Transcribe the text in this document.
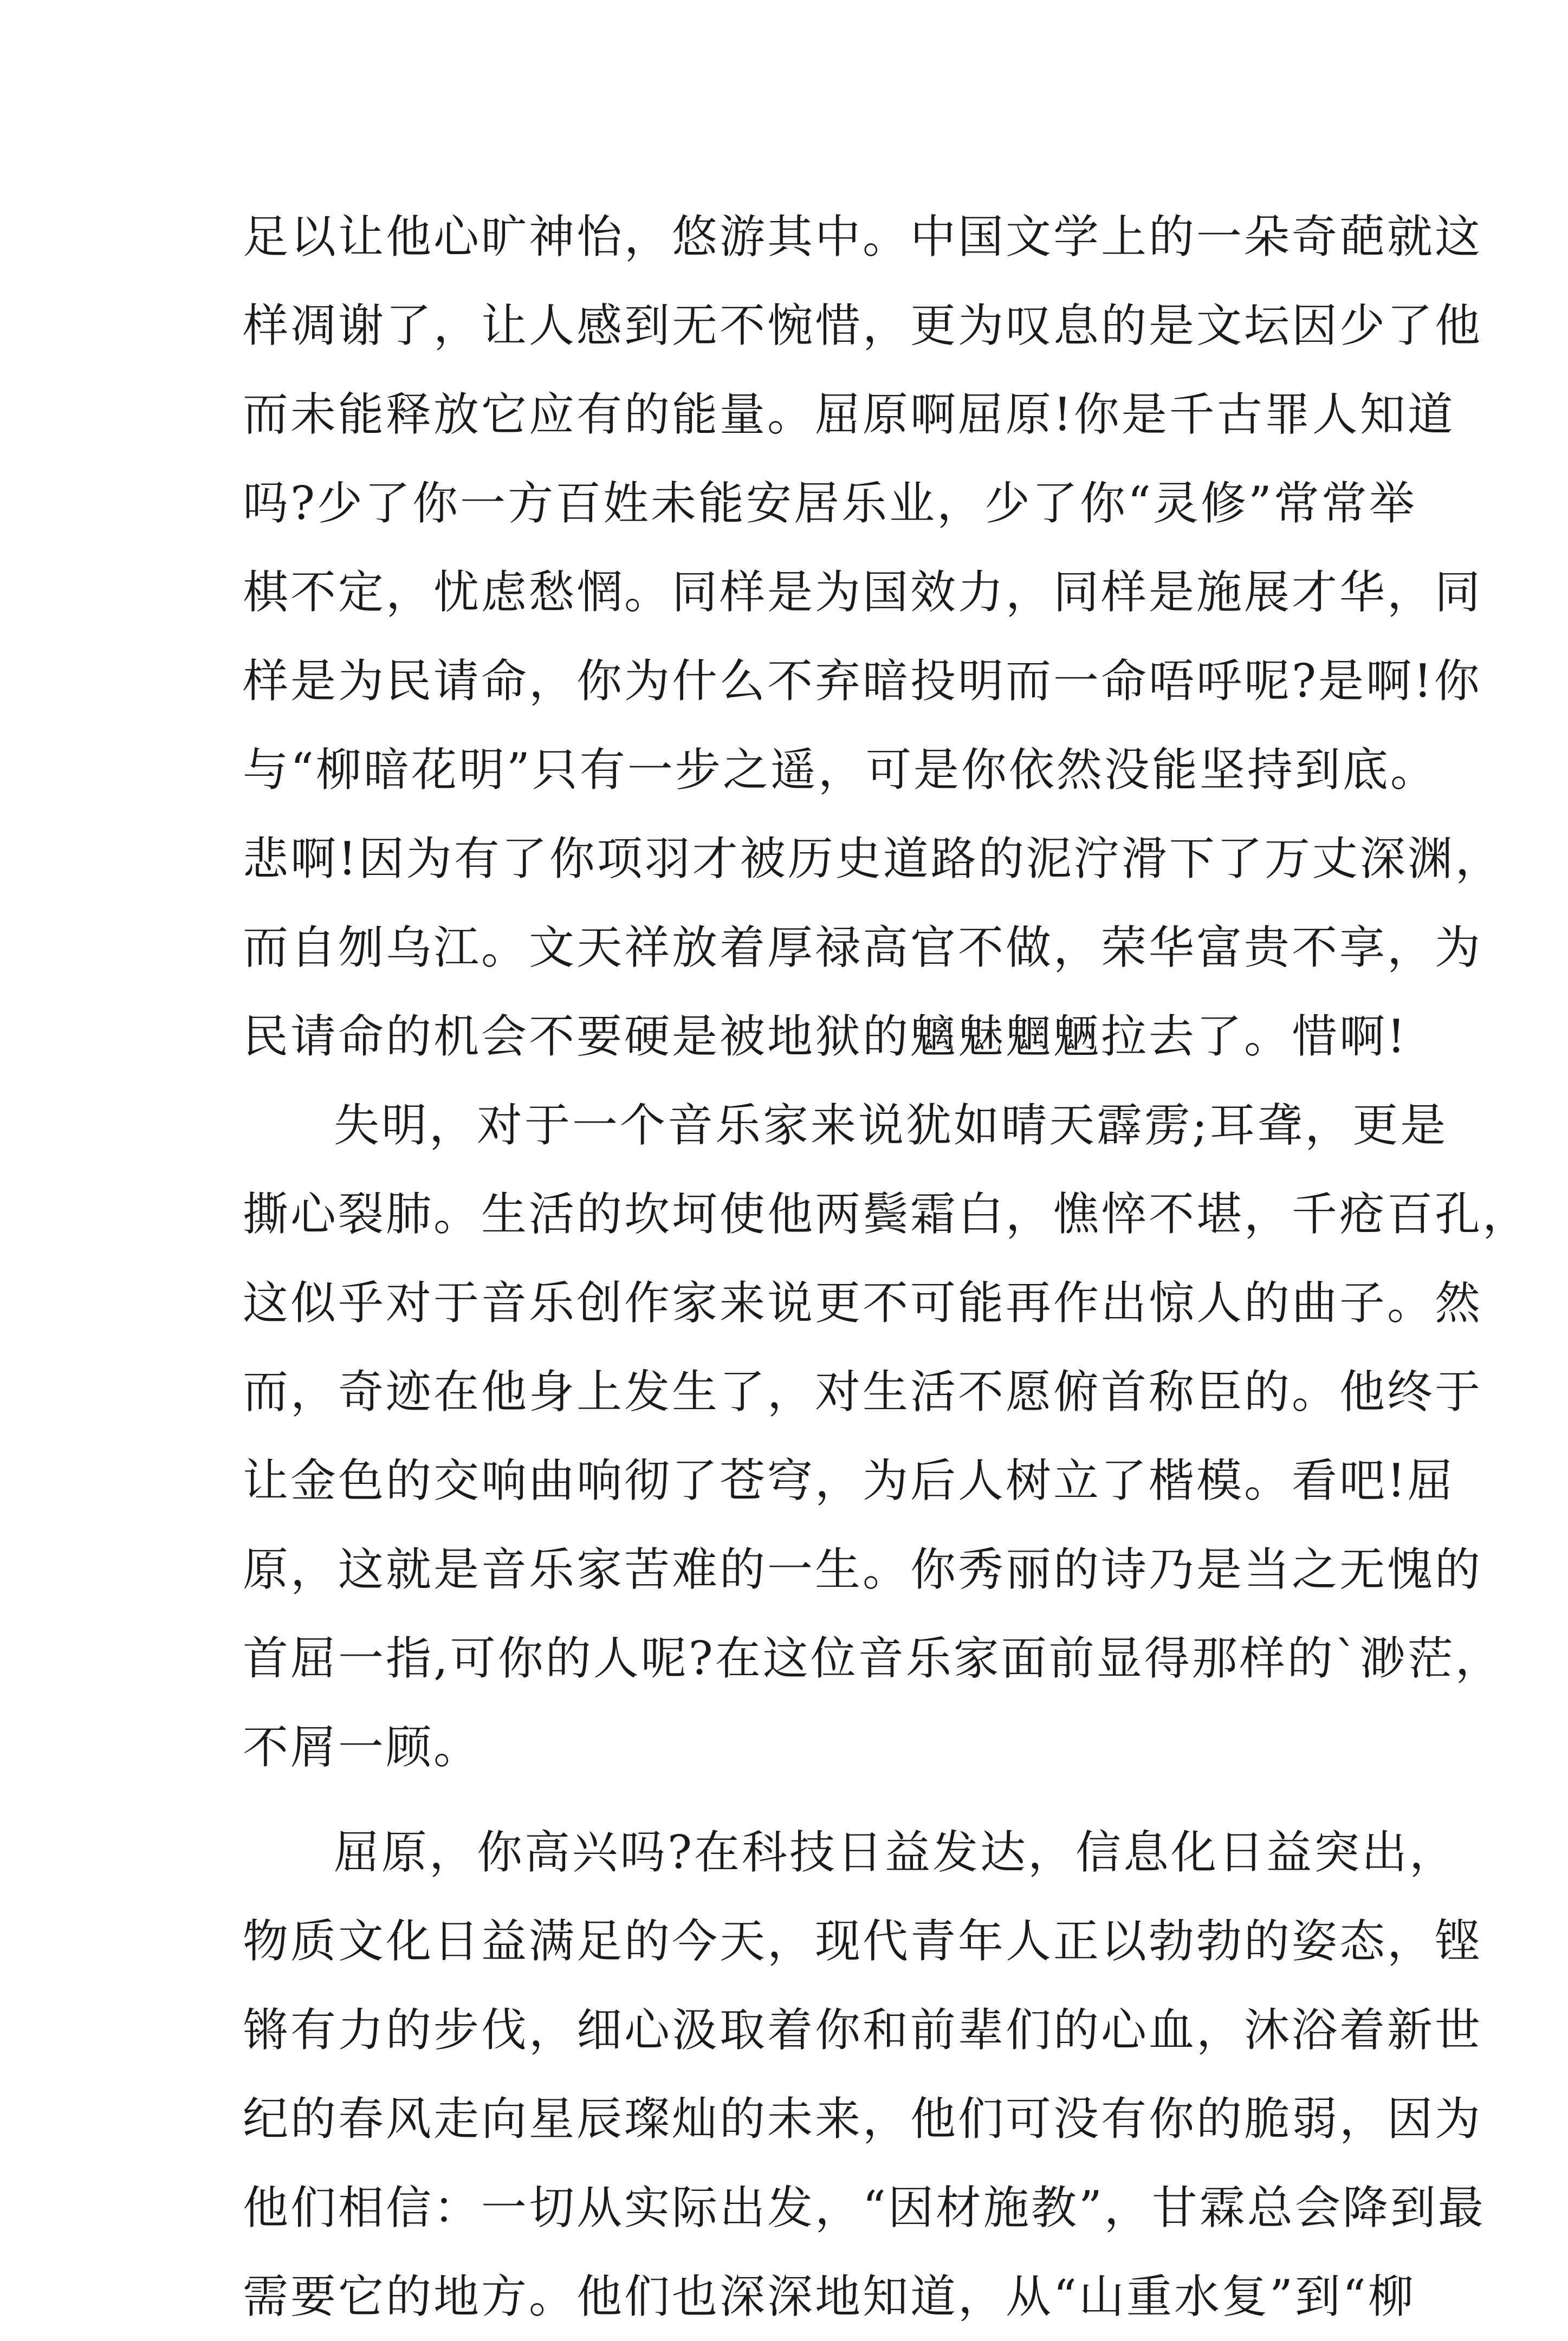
足以让他心旷神怡，悠游其中。中国文学上的一朵奇葩就这
样凋谢了，让人感到无不惋惜，更为叹息的是文坛因少了他
而未能释放它应有的能量。屈原啊屈原!你是千古罪人知道
吗?少了你一方百姓未能安居乐业，少了你“灵修”常常举
棋不定，忧虑愁惘。同样是为国效力，同样是施展才华，同
样是为民请命，你为什么不弃暗投明而一命唔呼呢?是啊!你
与“柳暗花明”只有一步之遥，可是你依然没能坚持到底。
悲啊!因为有了你项羽才被历史道路的泥泞滑下了万丈深渊，
而自刎乌江。文天祥放着厚禄高官不做，荣华富贵不享，为
民请命的机会不要硬是被地狱的魑魅魍魉拉去了。惜啊!
失明，对于一个音乐家来说犹如晴天霹雳;耳聋，更是
撕心裂肺。生活的坎坷使他两鬓霜白，憔悴不堪，千疮百孔，
这似乎对于音乐创作家来说更不可能再作出惊人的曲子。然
而，奇迹在他身上发生了，对生活不愿俯首称臣的。他终于
让金色的交响曲响彻了苍穹，为后人树立了楷模。看吧!屈
原，这就是音乐家苦难的一生。你秀丽的诗乃是当之无愧的
首屈一指,可你的人呢?在这位音乐家面前显得那样的`渺茫，
不屑一顾。
屈原，你高兴吗?在科技日益发达，信息化日益突出，
物质文化日益满足的今天，现代青年人正以勃勃的姿态，铿
锵有力的步伐，细心汲取着你和前辈们的心血，沐浴着新世
纪的春风走向星辰璨灿的未来，他们可没有你的脆弱，因为
他们相信：一切从实际出发，“因材施教”，甘霖总会降到最
需要它的地方。他们也深深地知道，从“山重水复”到“柳
